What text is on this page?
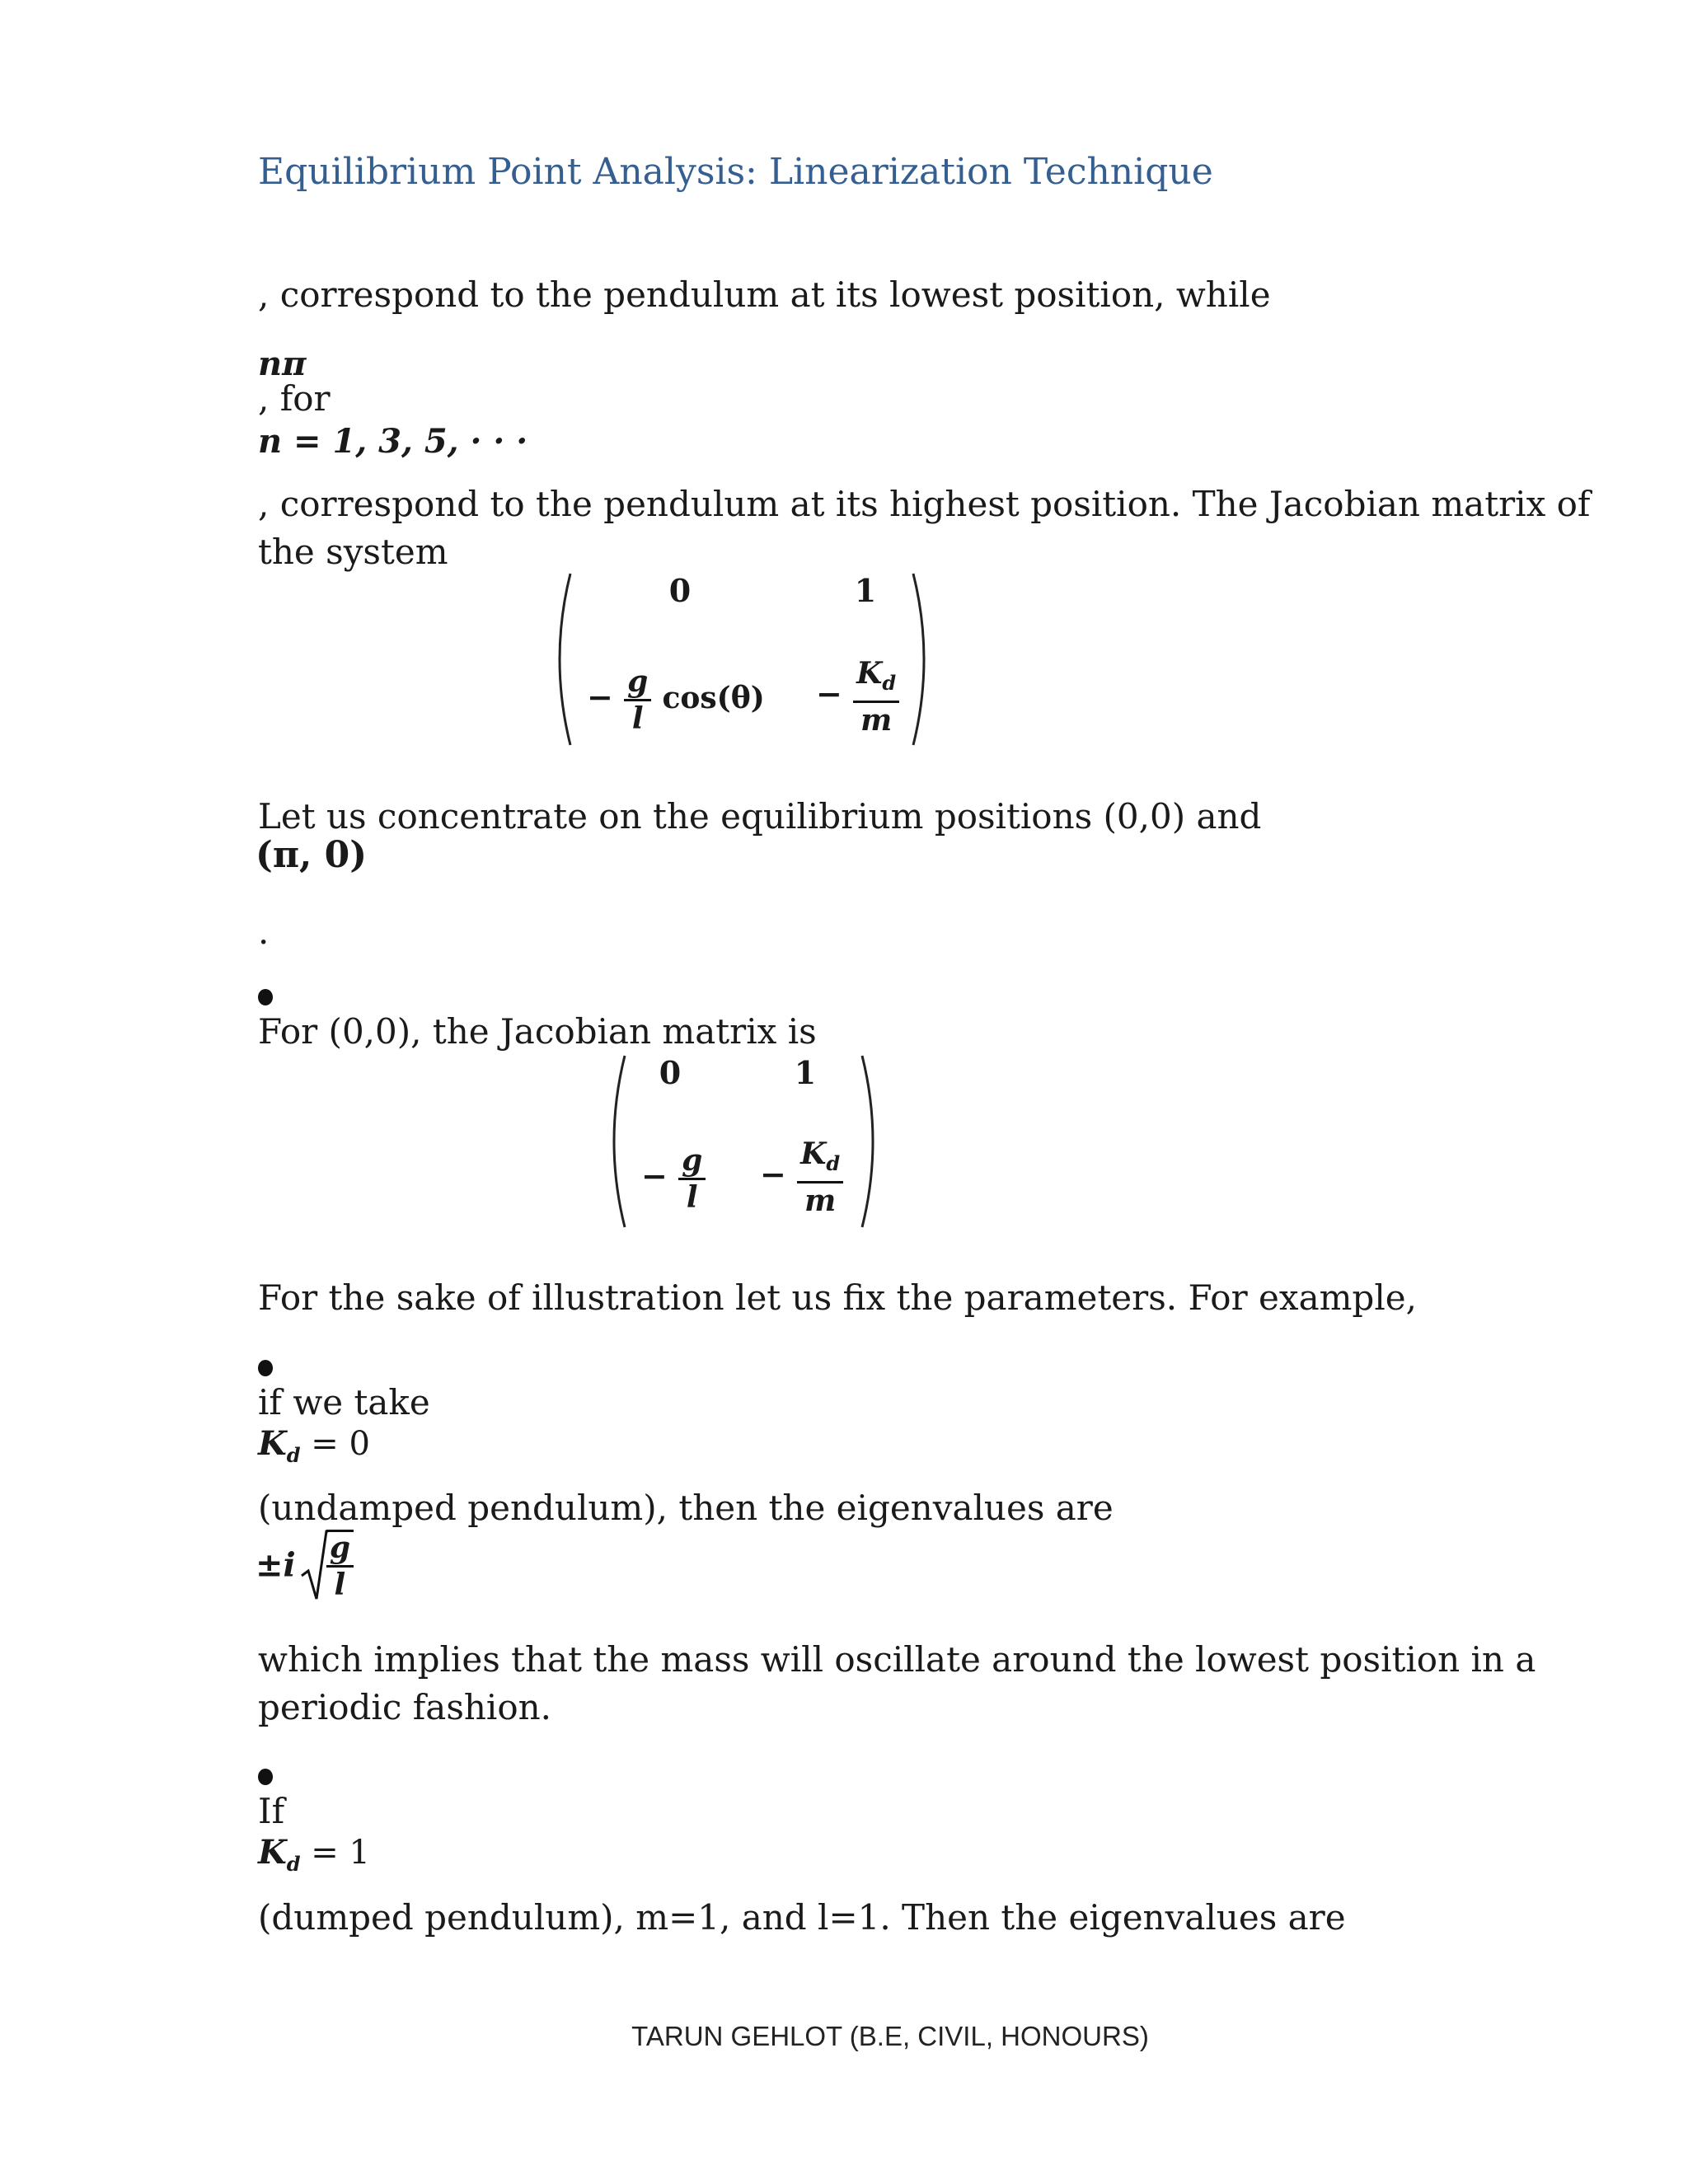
Equilibrium Point Analysis: Linearization Technique
, correspond to the pendulum at its lowest position, while
nπ
, for
n = 1, 3, 5, · · ·
, correspond to the pendulum at its highest position. The Jacobian matrix of
the system
0	1
− $\frac{g}{l} \cos(\theta) - \frac{K_d}{m}$
Let us concentrate on the equilibrium positions (0,0) and
(π, 0)
.
For (0,0), the Jacobian matrix is
0	1
− $\frac{g}{l} - \frac{K_d}{m}$
For the sake of illustration let us fix the parameters. For example,
if we take
$K_d = 0$
(undamped pendulum), then the eigenvalues are
$\pm i \frac{g}{l}$
which implies that the mass will oscillate around the lowest position in a
periodic fashion.
If
$K_d = 1$
(dumped pendulum), m=1, and l=1. Then the eigenvalues are
TARUN GEHLOT (B.E, CIVIL, HONOURS)
